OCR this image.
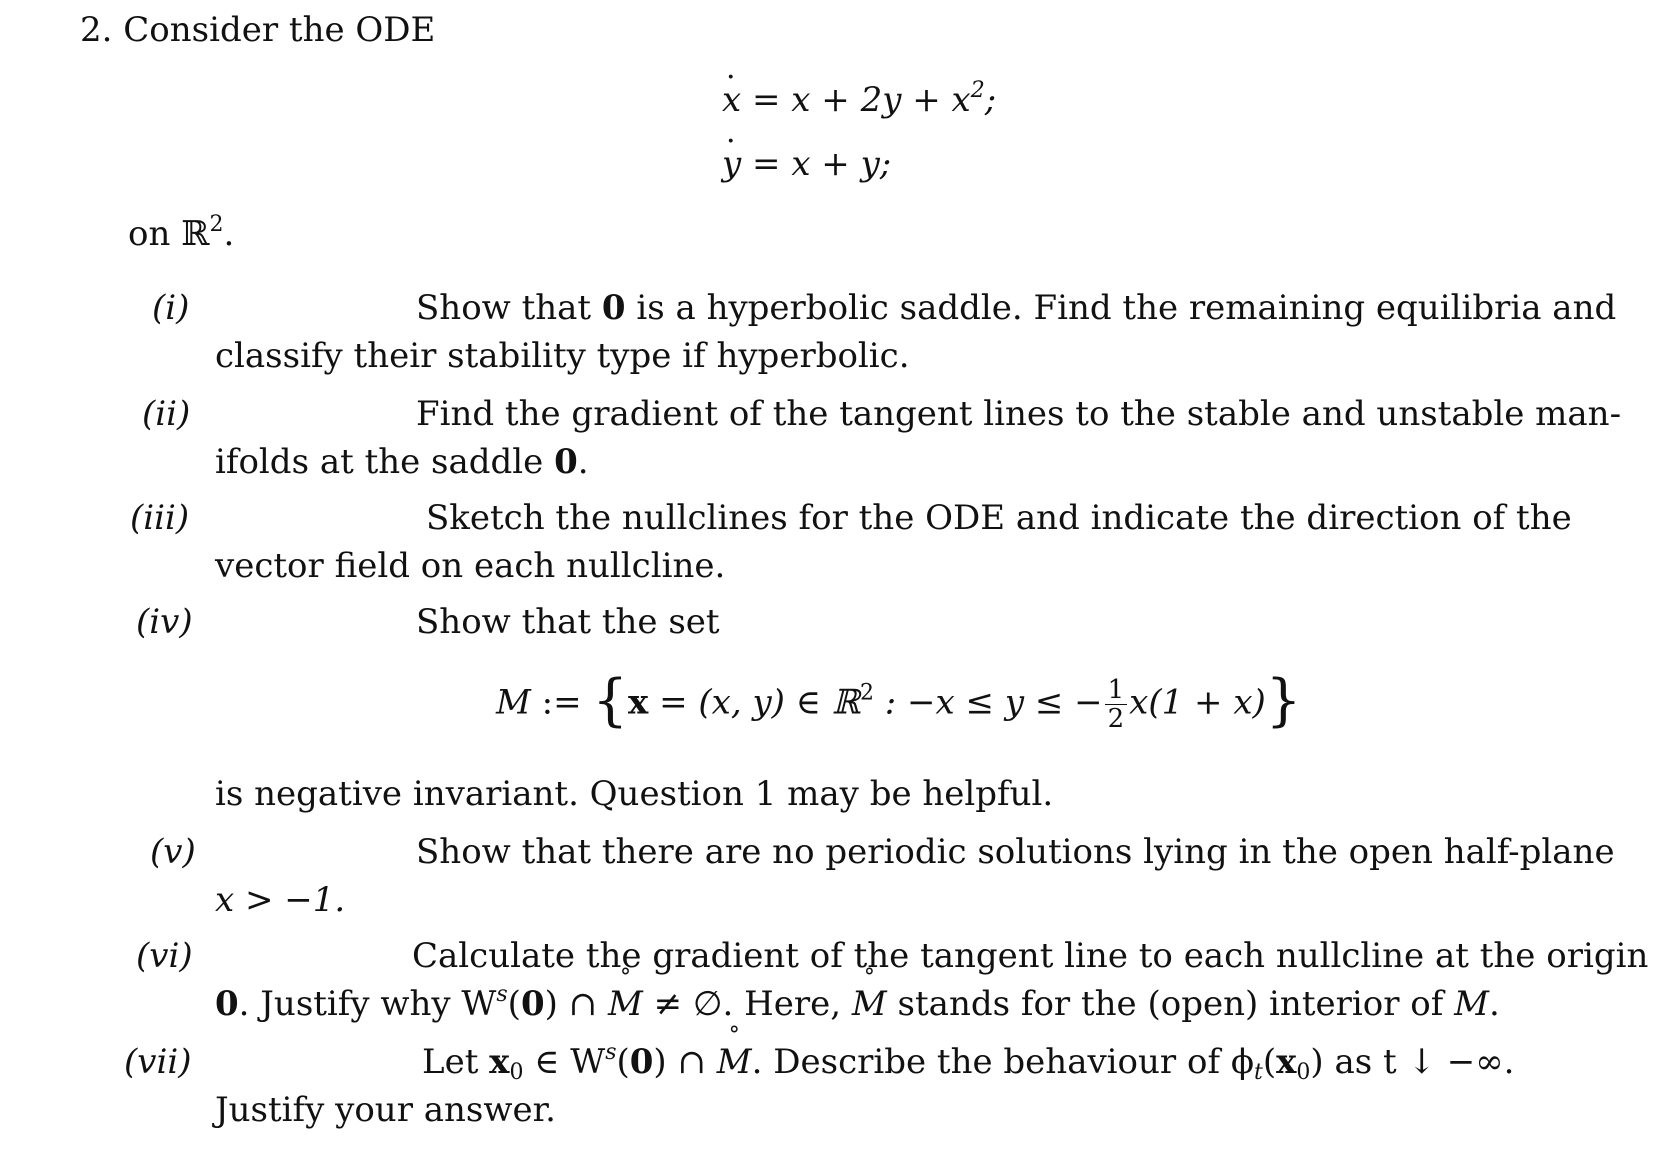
2. Consider the ODE
x · = $x + 2y + x^2$;
y · = x + y;
on ℝ$^2$.
(i)	Show that 0 is a hyperbolic saddle. Find the remaining equilibria and
classify their stability type if hyperbolic.
(ii)	Find the gradient of the tangent lines to the stable and unstable man-
ifolds at the saddle 0.
(iii)	Sketch the nullclines for the ODE and indicate the direction of the
vector field on each nullcline.
(iv)	Show that the set
M := {x = (x, y) ∈ ℝ$^2$ : −x ≤ y ≤ − $\frac{1}{2} x(1 + x)$}
is negative invariant. Question 1 may be helpful.
(v)	Show that there are no periodic solutions lying in the open half-plane
x > −1.
(vi)	Calculate the gradient of the tangent line to each nullcline at the origin
0. Justify why $W^s(0)$ ∩ M ° ≠ ∅. Here, M ° stands for the (open) interior of M.
(vii)	Let $x_0$ ∈ $W^s(0)$ ∩ M °. Describe the behaviour of $\phi_t(x_0)$ as t ↓ −∞.
Justify your answer.
